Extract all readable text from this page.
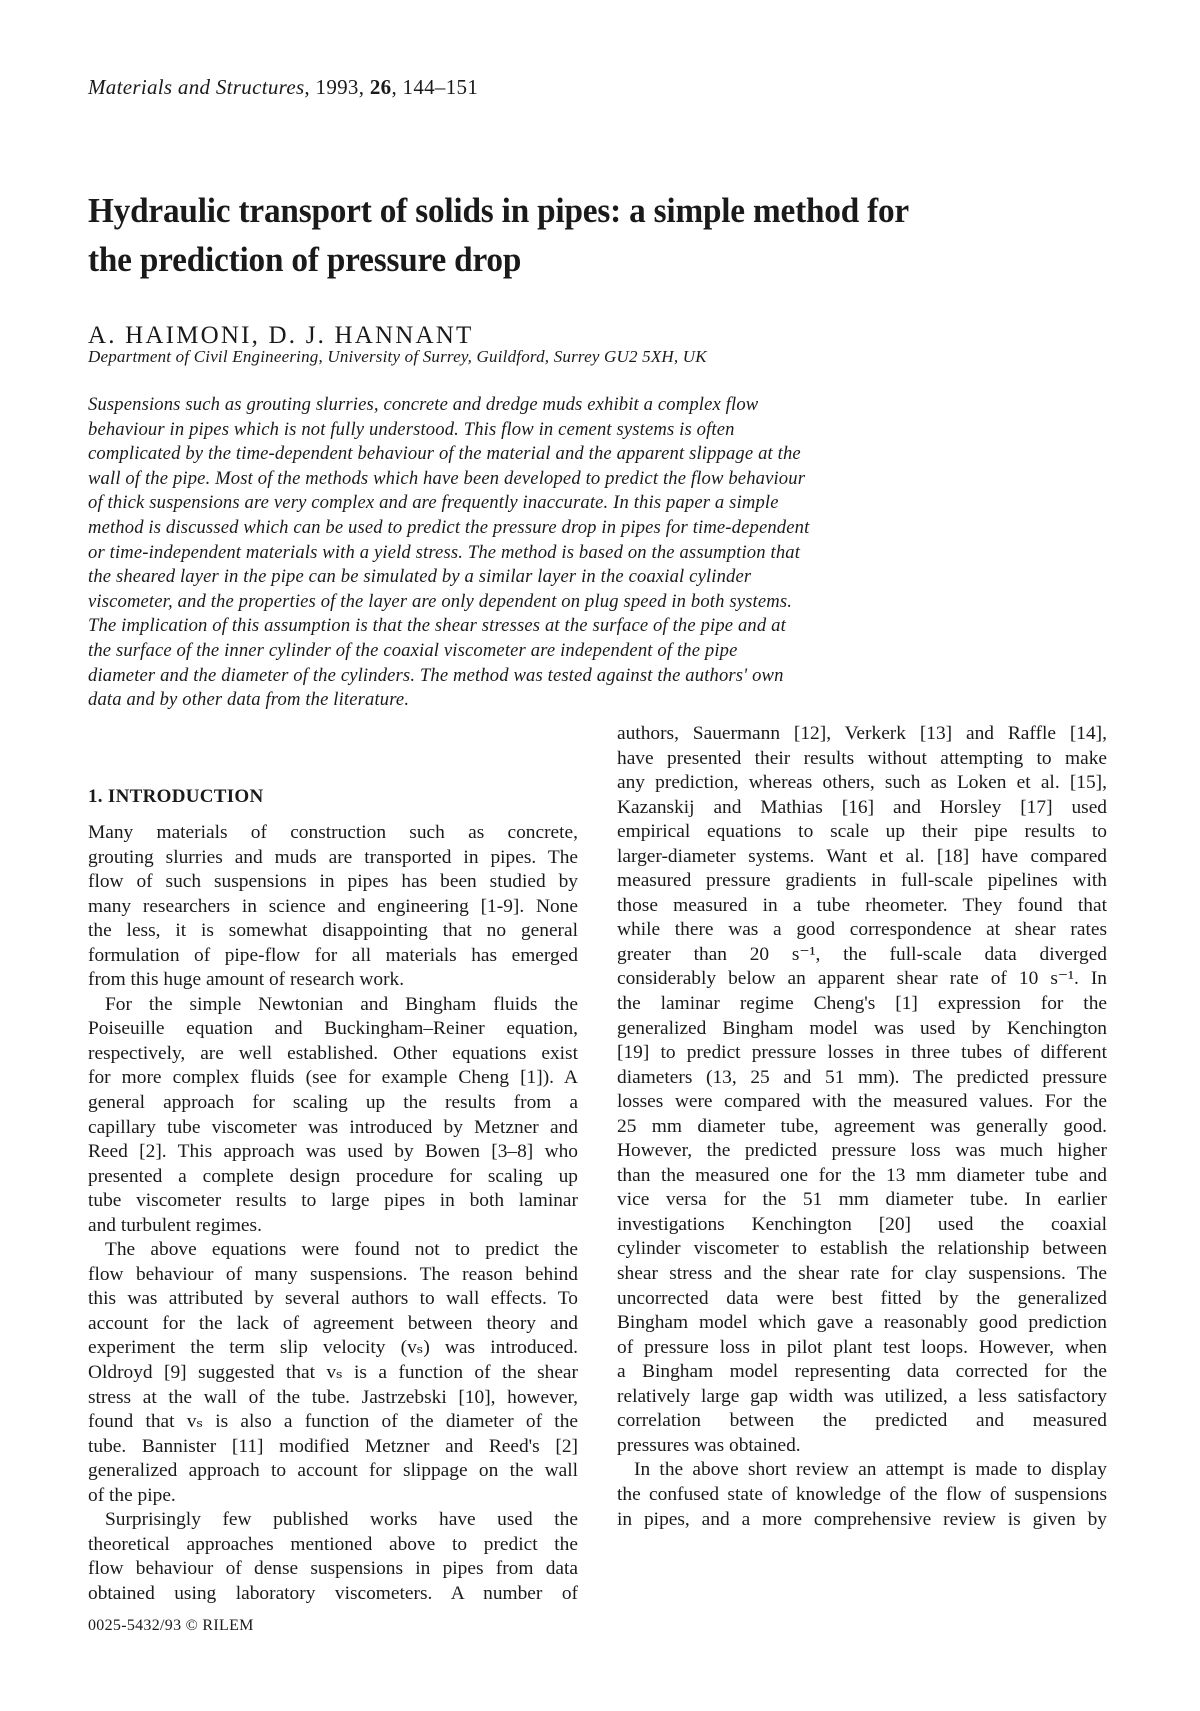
Materials and Structures, 1993, 26, 144–151
Hydraulic transport of solids in pipes: a simple method for
the prediction of pressure drop
A. HAIMONI, D. J. HANNANT
Department of Civil Engineering, University of Surrey, Guildford, Surrey GU2 5XH, UK
Suspensions such as grouting slurries, concrete and dredge muds exhibit a complex flow
behaviour in pipes which is not fully understood. This flow in cement systems is often
complicated by the time-dependent behaviour of the material and the apparent slippage at the
wall of the pipe. Most of the methods which have been developed to predict the flow behaviour
of thick suspensions are very complex and are frequently inaccurate. In this paper a simple
method is discussed which can be used to predict the pressure drop in pipes for time-dependent
or time-independent materials with a yield stress. The method is based on the assumption that
the sheared layer in the pipe can be simulated by a similar layer in the coaxial cylinder
viscometer, and the properties of the layer are only dependent on plug speed in both systems.
The implication of this assumption is that the shear stresses at the surface of the pipe and at
the surface of the inner cylinder of the coaxial viscometer are independent of the pipe
diameter and the diameter of the cylinders. The method was tested against the authors' own
data and by other data from the literature.
1. INTRODUCTION
Many materials of construction such as concrete,
grouting slurries and muds are transported in pipes. The
flow of such suspensions in pipes has been studied by
many researchers in science and engineering [1-9]. None
the less, it is somewhat disappointing that no general
formulation of pipe-flow for all materials has emerged
from this huge amount of research work.
For the simple Newtonian and Bingham fluids the
Poiseuille equation and Buckingham–Reiner equation,
respectively, are well established. Other equations exist
for more complex fluids (see for example Cheng [1]). A
general approach for scaling up the results from a
capillary tube viscometer was introduced by Metzner and
Reed [2]. This approach was used by Bowen [3–8] who
presented a complete design procedure for scaling up
tube viscometer results to large pipes in both laminar
and turbulent regimes.
The above equations were found not to predict the
flow behaviour of many suspensions. The reason behind
this was attributed by several authors to wall effects. To
account for the lack of agreement between theory and
experiment the term slip velocity (vₛ) was introduced.
Oldroyd [9] suggested that vₛ is a function of the shear
stress at the wall of the tube. Jastrzebski [10], however,
found that vₛ is also a function of the diameter of the
tube. Bannister [11] modified Metzner and Reed's [2]
generalized approach to account for slippage on the wall
of the pipe.
Surprisingly few published works have used the
theoretical approaches mentioned above to predict the
flow behaviour of dense suspensions in pipes from data
obtained using laboratory viscometers. A number of
authors, Sauermann [12], Verkerk [13] and Raffle [14],
have presented their results without attempting to make
any prediction, whereas others, such as Loken et al. [15],
Kazanskij and Mathias [16] and Horsley [17] used
empirical equations to scale up their pipe results to
larger-diameter systems. Want et al. [18] have compared
measured pressure gradients in full-scale pipelines with
those measured in a tube rheometer. They found that
while there was a good correspondence at shear rates
greater than 20 s⁻¹, the full-scale data diverged
considerably below an apparent shear rate of 10 s⁻¹. In
the laminar regime Cheng's [1] expression for the
generalized Bingham model was used by Kenchington
[19] to predict pressure losses in three tubes of different
diameters (13, 25 and 51 mm). The predicted pressure
losses were compared with the measured values. For the
25 mm diameter tube, agreement was generally good.
However, the predicted pressure loss was much higher
than the measured one for the 13 mm diameter tube and
vice versa for the 51 mm diameter tube. In earlier
investigations Kenchington [20] used the coaxial
cylinder viscometer to establish the relationship between
shear stress and the shear rate for clay suspensions. The
uncorrected data were best fitted by the generalized
Bingham model which gave a reasonably good prediction
of pressure loss in pilot plant test loops. However, when
a Bingham model representing data corrected for the
relatively large gap width was utilized, a less satisfactory
correlation between the predicted and measured
pressures was obtained.
In the above short review an attempt is made to display
the confused state of knowledge of the flow of suspensions
in pipes, and a more comprehensive review is given by
0025-5432/93 © RILEM
